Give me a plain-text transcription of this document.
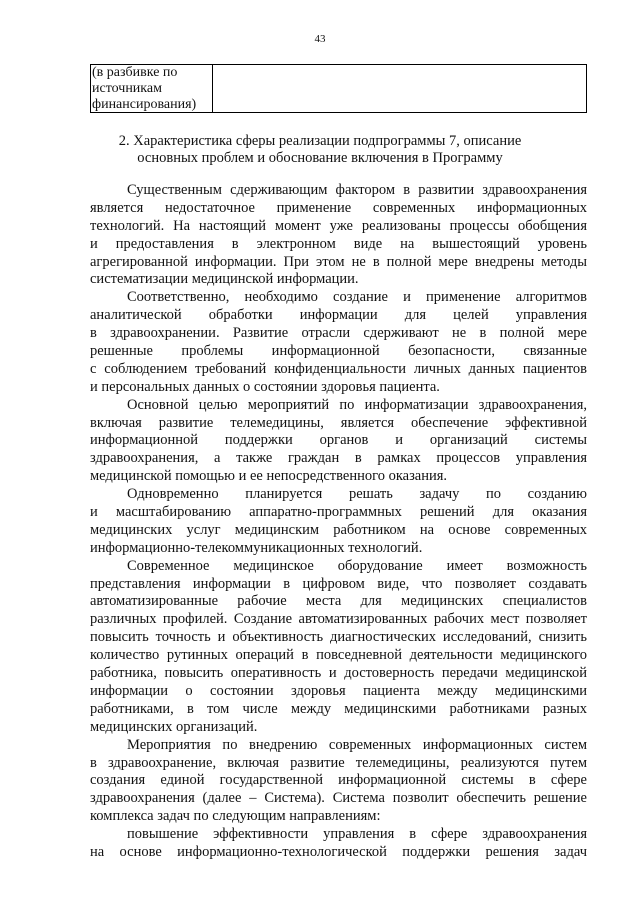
43
(в разбивке по
источникам
финансирования)
2. Характеристика сферы реализации подпрограммы 7, описание
основных проблем и обоснование включения в Программу
Существенным сдерживающим фактором в развитии здравоохранения
является недостаточное применение современных информационных
технологий. На настоящий момент уже реализованы процессы обобщения
и предоставления в электронном виде на вышестоящий уровень
агрегированной информации. При этом не в полной мере внедрены методы
систематизации медицинской информации.
Соответственно, необходимо создание и применение алгоритмов
аналитической обработки информации для целей управления
в здравоохранении. Развитие отрасли сдерживают не в полной мере
решенные проблемы информационной безопасности, связанные
с соблюдением требований конфиденциальности личных данных пациентов
и персональных данных о состоянии здоровья пациента.
Основной целью мероприятий по информатизации здравоохранения,
включая развитие телемедицины, является обеспечение эффективной
информационной поддержки органов и организаций системы
здравоохранения, а также граждан в рамках процессов управления
медицинской помощью и ее непосредственного оказания.
Одновременно планируется решать задачу по созданию
и масштабированию аппаратно-программных решений для оказания
медицинских услуг медицинским работником на основе современных
информационно-телекоммуникационных технологий.
Современное медицинское оборудование имеет возможность
представления информации в цифровом виде, что позволяет создавать
автоматизированные рабочие места для медицинских специалистов
различных профилей. Создание автоматизированных рабочих мест позволяет
повысить точность и объективность диагностических исследований, снизить
количество рутинных операций в повседневной деятельности медицинского
работника, повысить оперативность и достоверность передачи медицинской
информации о состоянии здоровья пациента между медицинскими
работниками, в том числе между медицинскими работниками разных
медицинских организаций.
Мероприятия по внедрению современных информационных систем
в здравоохранение, включая развитие телемедицины, реализуются путем
создания единой государственной информационной системы в сфере
здравоохранения (далее – Система). Система позволит обеспечить решение
комплекса задач по следующим направлениям:
повышение эффективности управления в сфере здравоохранения
на основе информационно-технологической поддержки решения задач
